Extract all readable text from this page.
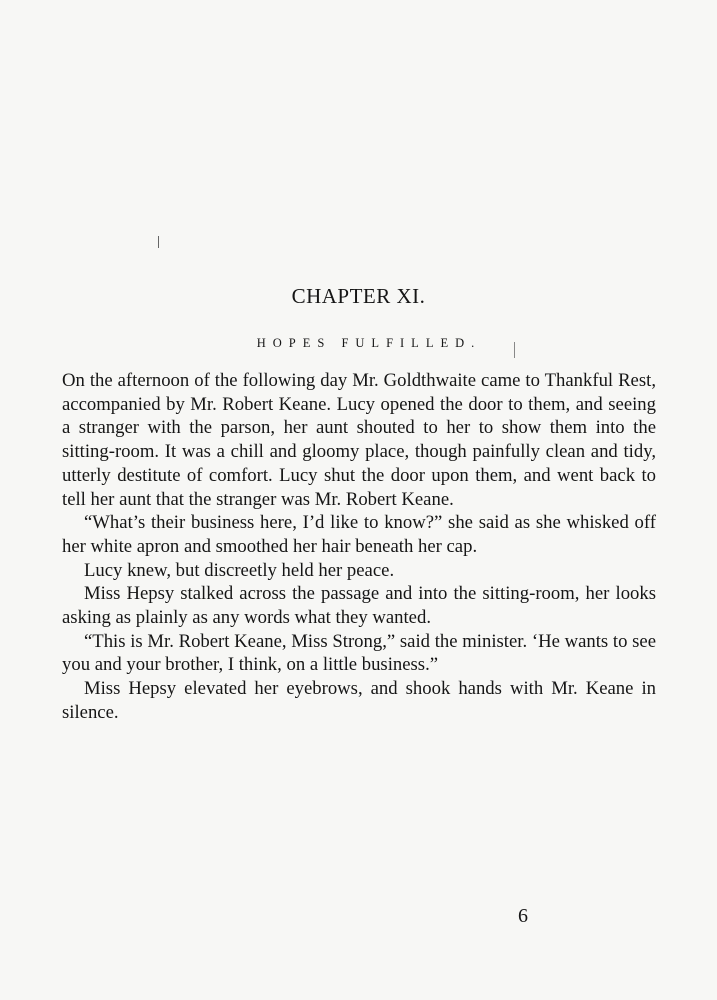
CHAPTER XI.
HOPES FULFILLED.

On the afternoon of the following day Mr. Goldthwaite came to Thankful Rest, accompanied by Mr. Robert Keane. Lucy opened the door to them, and seeing a stranger with the parson, her aunt shouted to her to show them into the sitting-room. It was a chill and gloomy place, though painfully clean and tidy, utterly destitute of comfort. Lucy shut the door upon them, and went back to tell her aunt that the stranger was Mr. Robert Keane.

“What’s their business here, I’d like to know?” she said as she whisked off her white apron and smoothed her hair beneath her cap.

Lucy knew, but discreetly held her peace.

Miss Hepsy stalked across the passage and into the sitting-room, her looks asking as plainly as any words what they wanted.

“This is Mr. Robert Keane, Miss Strong,” said the minister. ‘He wants to see you and your brother, I think, on a little business.”

Miss Hepsy elevated her eyebrows, and shook hands with Mr. Keane in silence.

6
